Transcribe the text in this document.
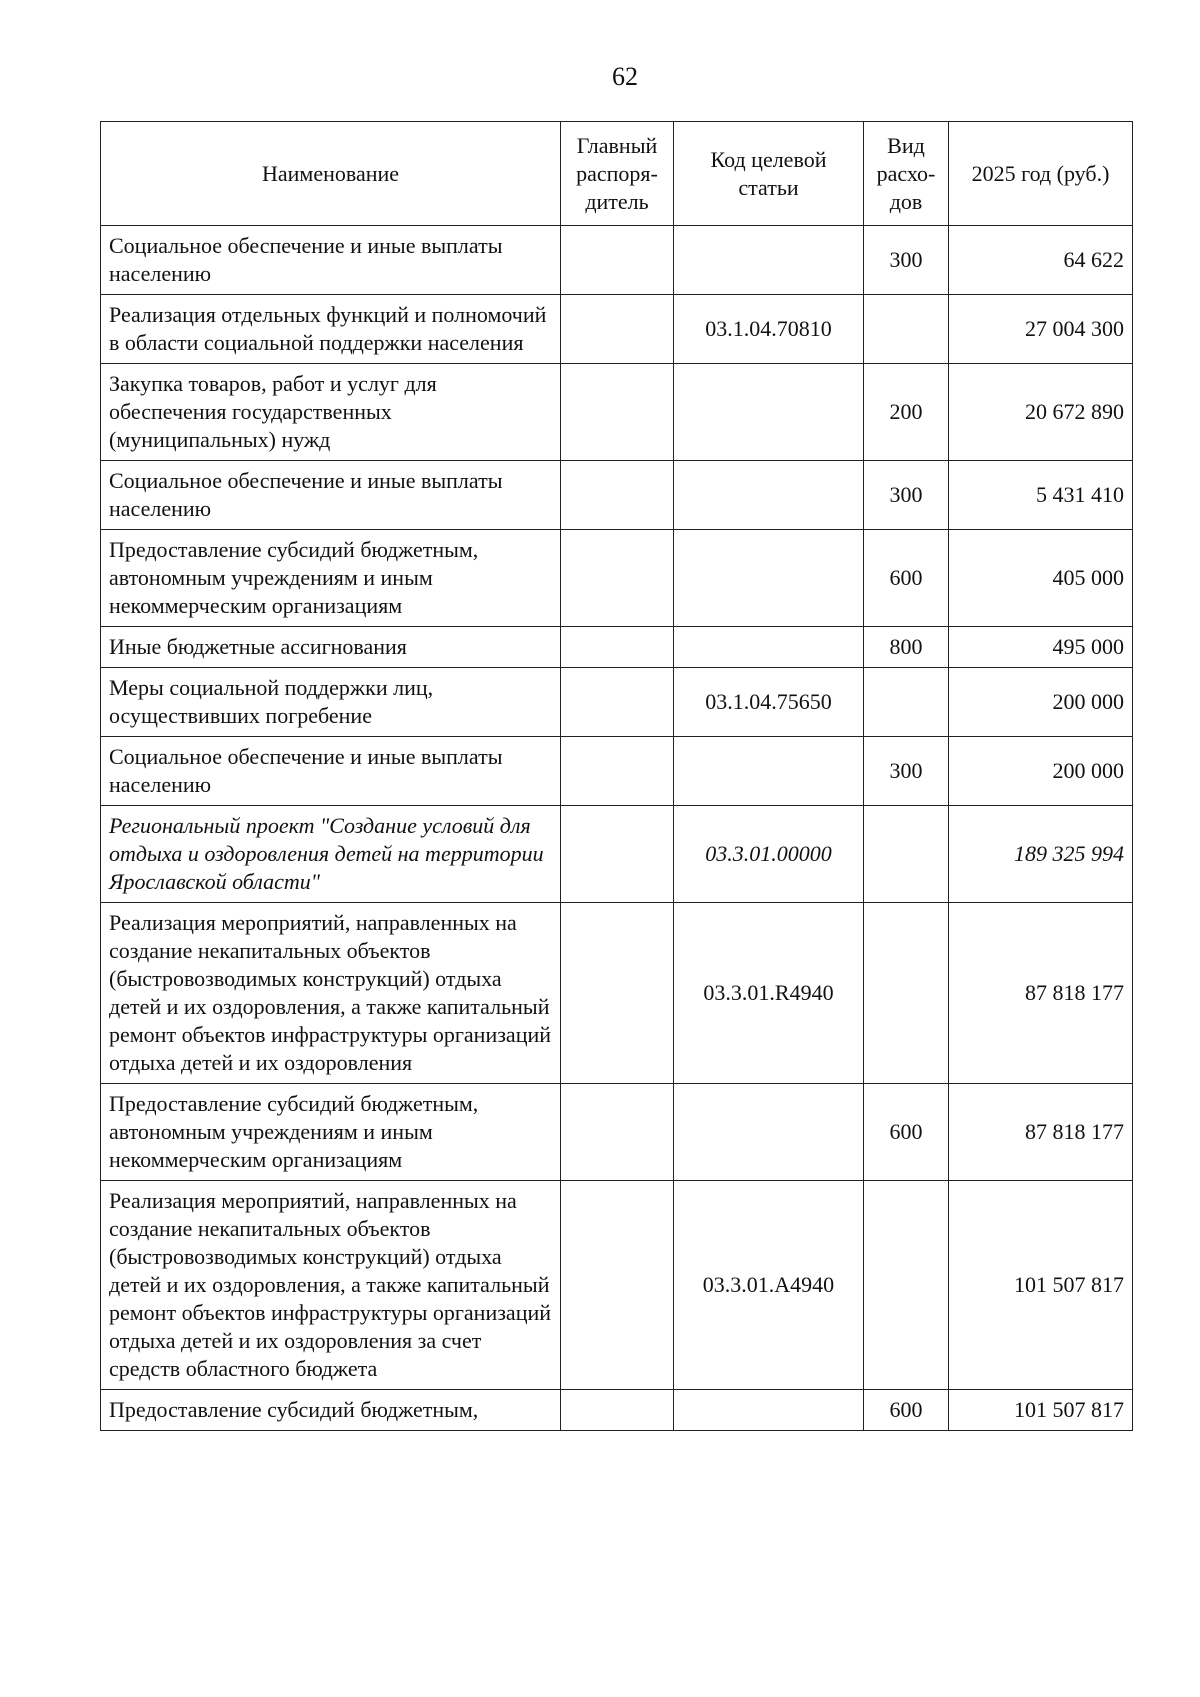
62
Наименование	Главный распоря-дитель	Код целевой статьи	Вид расхо-дов	2025 год (руб.)
Социальное обеспечение и иные выплаты населению			300	64 622
Реализация отдельных функций и полномочий в области социальной поддержки населения		03.1.04.70810		27 004 300
Закупка товаров, работ и услуг для обеспечения государственных (муниципальных) нужд			200	20 672 890
Социальное обеспечение и иные выплаты населению			300	5 431 410
Предоставление субсидий бюджетным, автономным учреждениям и иным некоммерческим организациям			600	405 000
Иные бюджетные ассигнования			800	495 000
Меры социальной поддержки лиц, осуществивших погребение		03.1.04.75650		200 000
Социальное обеспечение и иные выплаты населению			300	200 000
Региональный проект "Создание условий для отдыха и оздоровления детей на территории Ярославской области"		03.3.01.00000		189 325 994
Реализация мероприятий, направленных на создание некапитальных объектов (быстровозводимых конструкций) отдыха детей и их оздоровления, а также капитальный ремонт объектов инфраструктуры организаций отдыха детей и их оздоровления		03.3.01.R4940		87 818 177
Предоставление субсидий бюджетным, автономным учреждениям и иным некоммерческим организациям			600	87 818 177
Реализация мероприятий, направленных на создание некапитальных объектов (быстровозводимых конструкций) отдыха детей и их оздоровления, а также капитальный ремонт объектов инфраструктуры организаций отдыха детей и их оздоровления за счет средств областного бюджета		03.3.01.А4940		101 507 817
Предоставление субсидий бюджетным,			600	101 507 817
